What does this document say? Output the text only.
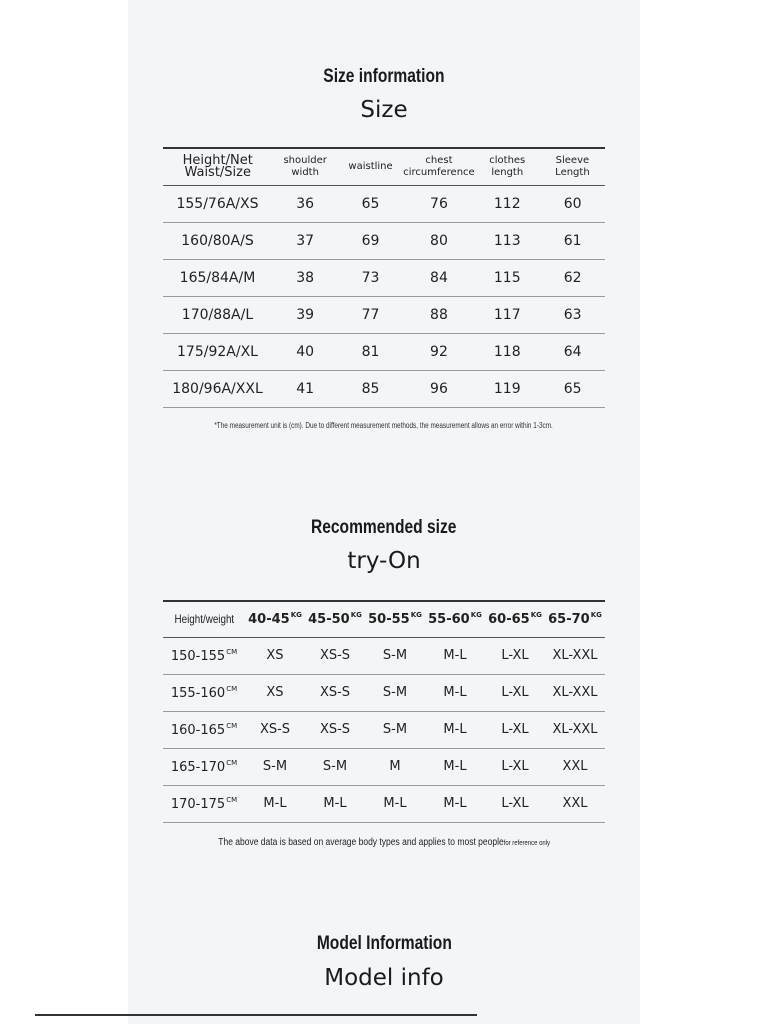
Size information
Size
*The measurement unit is (cm). Due to different measurement methods, the measurement allows an error within 1-3cm.
Recommended size
try-On
Model Information
Model info
Height/Net Waist/Size	shoulder width	waistline	chest circumference	clothes length	Sleeve Length
155/76A/XS	36	65	76	112	60
160/80A/S	37	69	80	113	61
165/84A/M	38	73	84	115	62
170/88A/L	39	77	88	117	63
175/92A/XL	40	81	92	118	64
180/96A/XXL	41	85	96	119	65
Height/weight	$40-45^{KG}$	$45-50^{KG}$	$50-55^{KG}$	$55-60^{KG}$	$60-65^{KG}$	$65-70^{KG}$
$150-155^{CM}$	XS	XS-S	S-M	M-L	L-XL	XL-XXL
$155-160^{CM}$	XS	XS-S	S-M	M-L	L-XL	XL-XXL
$160-165^{CM}$	XS-S	XS-S	S-M	M-L	L-XL	XL-XXL
$165-170^{CM}$	S-M	S-M	M	M-L	L-XL	XXL
$170-175^{CM}$	M-L	M-L	M-L	M-L	L-XL	XXL
The above data is based on average body types and applies to most peoplefor reference only
